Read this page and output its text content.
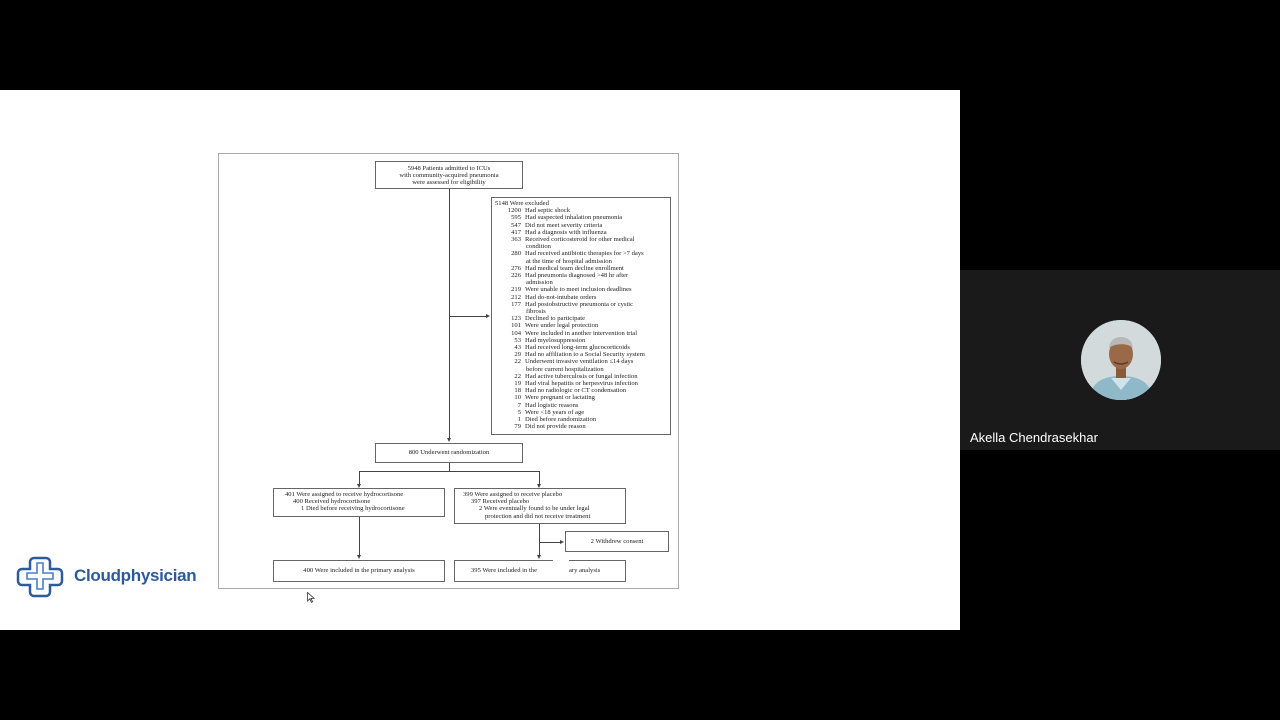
5948 Patients admitted to ICUs
with community-acquired pneumonia
were assessed for eligibility
5148 Were excluded
1200 Had septic shock
595 Had suspected inhalation pneumonia
547 Did not meet severity criteria
417 Had a diagnosis with influenza
363 Received corticosteroid for other medical
condition
280 Had received antibiotic therapies for >7 days
at the time of hospital admission
276 Had medical team decline enrollment
226 Had pneumonia diagnosed >48 hr after
admission
219 Were unable to meet inclusion deadlines
212 Had do-not-intubate orders
177 Had postobstructive pneumonia or cystic
fibrosis
123 Declined to participate
101 Were under legal protection
104 Were included in another intervention trial
53 Had myelosuppression
43 Had received long-term glucocorticoids
29 Had no affiliation to a Social Security system
22 Underwent invasive ventilation ≤14 days
before current hospitalization
22 Had active tuberculosis or fungal infection
19 Had viral hepatitis or herpesvirus infection
18 Had no radiologic or CT condensation
10 Were pregnant or lactating
7 Had logistic reasons
5 Were <18 years of age
1 Died before randomization
79 Did not provide reason
800 Underwent randomization
401 Were assigned to receive hydrocortisone
400 Received hydrocortisone
1 Died before receiving hydrocortisone
399 Were assigned to receive placebo
397 Received placebo
2 Were eventually found to be under legal
protection and did not receive treatment
2 Withdrew consent
400 Were included in the primary analysis	395 Were included in the	ary analysis
Cloudphysician
Akella Chendrasekhar
